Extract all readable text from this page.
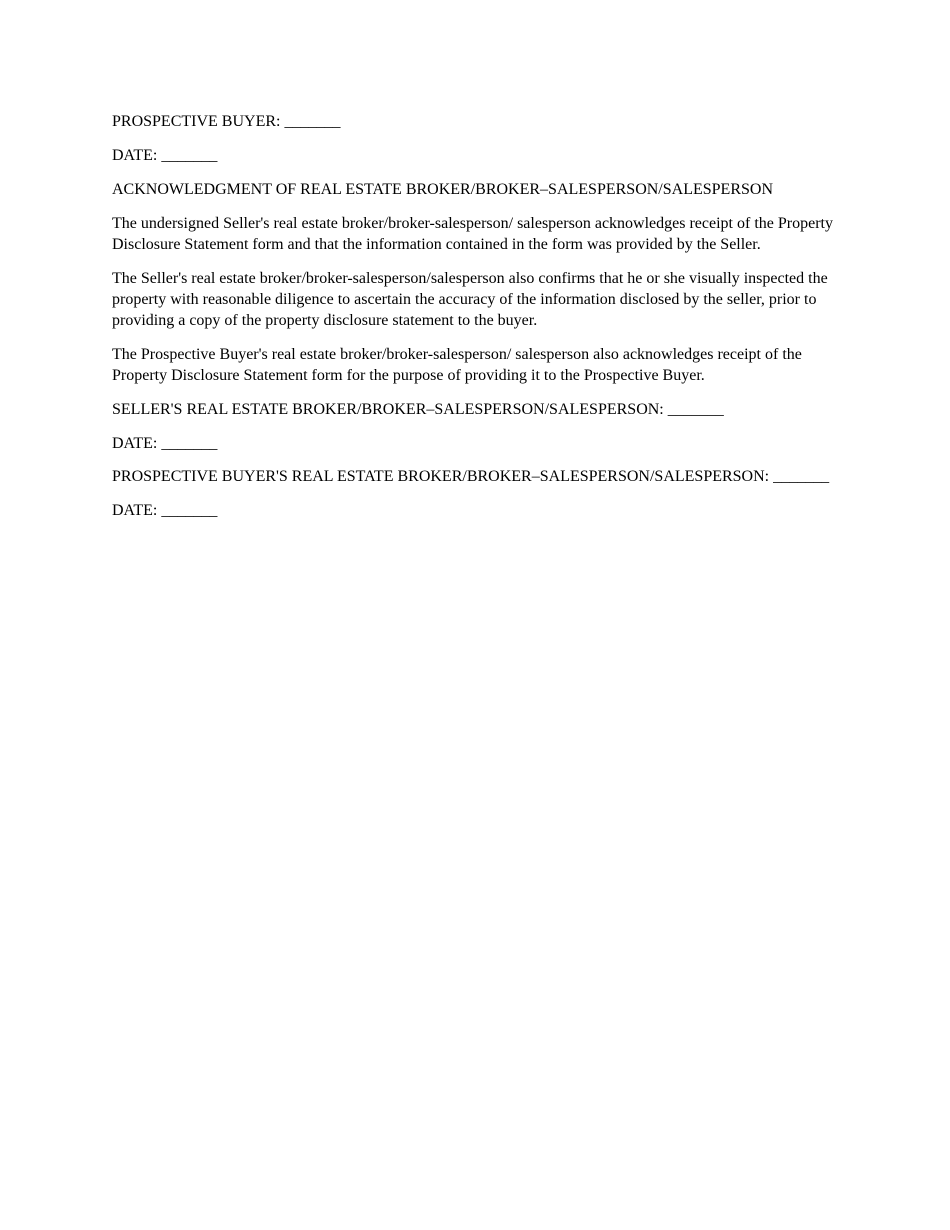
PROSPECTIVE BUYER: _______

DATE: _______

ACKNOWLEDGMENT OF REAL ESTATE BROKER/BROKER–SALESPERSON/SALESPERSON

The undersigned Seller's real estate broker/broker-salesperson/ salesperson acknowledges receipt of the Property Disclosure Statement form and that the information contained in the form was provided by the Seller.

The Seller's real estate broker/broker-salesperson/salesperson also confirms that he or she visually inspected the property with reasonable diligence to ascertain the accuracy of the information disclosed by the seller, prior to providing a copy of the property disclosure statement to the buyer.

The Prospective Buyer's real estate broker/broker-salesperson/ salesperson also acknowledges receipt of the Property Disclosure Statement form for the purpose of providing it to the Prospective Buyer.

SELLER'S REAL ESTATE BROKER/BROKER–SALESPERSON/SALESPERSON: _______

DATE: _______

PROSPECTIVE BUYER'S REAL ESTATE BROKER/BROKER–SALESPERSON/SALESPERSON: _______

DATE: _______
